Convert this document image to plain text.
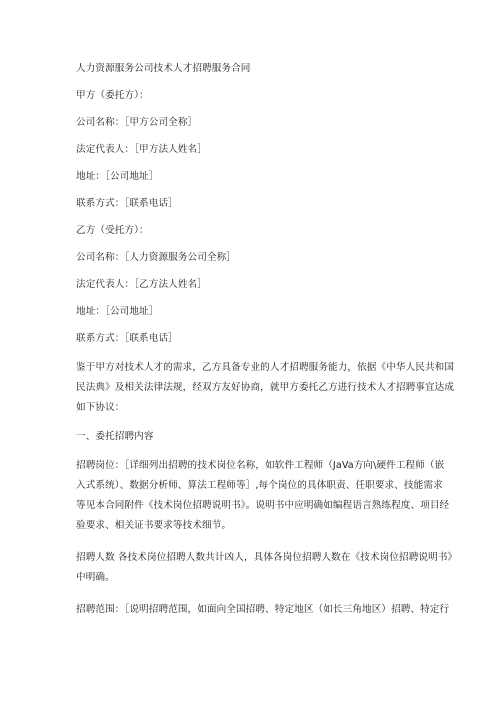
人力资源服务公司技术人才招聘服务合同
甲方（委托方）：
公司名称：［甲方公司全称］
法定代表人：［甲方法人姓名］
地址：［公司地址］
联系方式：［联系电话］
乙方（受托方）：
公司名称：［人力资源服务公司全称］
法定代表人：［乙方法人姓名］
地址：［公司地址］
联系方式：［联系电话］
鉴于甲方对技术人才的需求，乙方具备专业的人才招聘服务能力，依据《中华人民共和国
民法典》及相关法律法规，经双方友好协商，就甲方委托乙方进行技术人才招聘事宜达成
如下协议：
一、委托招聘内容
招聘岗位：［详细列出招聘的技术岗位名称，如软件工程师（JaVa方向\硬件工程师（嵌
入式系统）、数据分析师、算法工程师等］,每个岗位的具体职责、任职要求、技能需求
等见本合同附件《技术岗位招聘说明书》。说明书中应明确如编程语言熟练程度、项目经
验要求、相关证书要求等技术细节。
招聘人数 各技术岗位招聘人数共计凶人，具体各岗位招聘人数在《技术岗位招聘说明书》
中明确。
招聘范围：［说明招聘范围，如面向全国招聘、特定地区（如长三角地区）招聘、特定行
